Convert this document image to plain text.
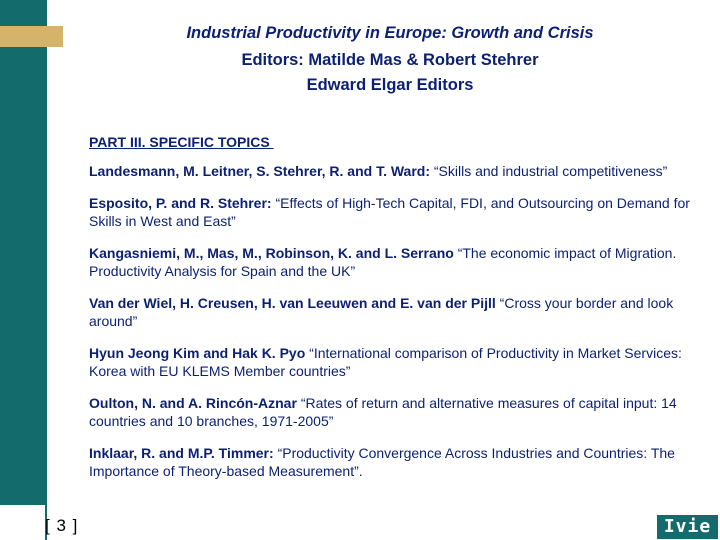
Industrial Productivity in Europe: Growth and Crisis
Editors: Matilde Mas & Robert Stehrer
Edward Elgar Editors
PART III. SPECIFIC TOPICS
Landesmann, M. Leitner, S. Stehrer, R. and T. Ward: “Skills and industrial competitiveness”
Esposito, P. and R. Stehrer: “Effects of High-Tech Capital, FDI, and Outsourcing on Demand for Skills in West and East”
Kangasniemi, M., Mas, M., Robinson, K. and L. Serrano “The economic impact of Migration. Productivity Analysis for Spain and the UK”
Van der Wiel, H. Creusen, H. van Leeuwen and E. van der Pijll “Cross your border and look around”
Hyun Jeong Kim and Hak K. Pyo “International comparison of Productivity in Market Services: Korea with EU KLEMS Member countries”
Oulton, N. and A. Rincón-Aznar “Rates of return and alternative measures of capital input: 14 countries and 10 branches, 1971-2005”
Inklaar, R. and M.P. Timmer: “Productivity Convergence Across Industries and Countries: The Importance of Theory-based Measurement”.
[ 3 ]	Ivie
